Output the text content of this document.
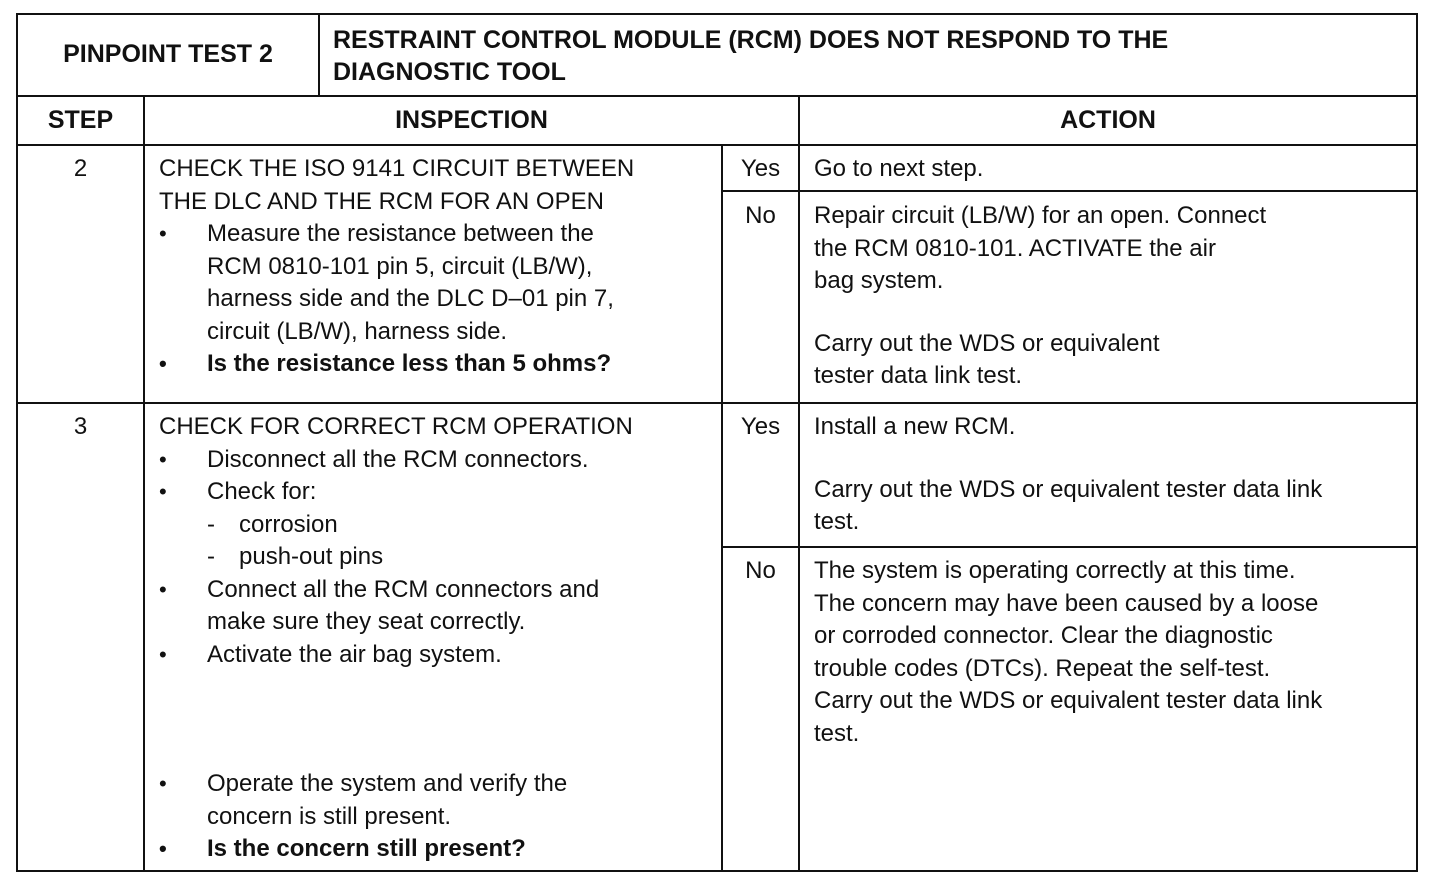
PINPOINT TEST 2	RESTRAINT CONTROL MODULE (RCM) DOES NOT RESPOND TO THE
DIAGNOSTIC TOOL
STEP	INSPECTION	ACTION
2	CHECK THE ISO 9141 CIRCUIT BETWEEN
THE DLC AND THE RCM FOR AN OPEN
• Measure the resistance between the
RCM 0810-101 pin 5, circuit (LB/W),
harness side and the DLC D–01 pin 7,
circuit (LB/W), harness side.
• Is the resistance less than 5 ohms?
Yes	Go to next step.
No	Repair circuit (LB/W) for an open. Connect
the RCM 0810-101. ACTIVATE the air
bag system.
Carry out the WDS or equivalent
tester data link test.
3	CHECK FOR CORRECT RCM OPERATION
• Disconnect all the RCM connectors.
• Check for:
- corrosion
- push-out pins
• Connect all the RCM connectors and
make sure they seat correctly.
• Activate the air bag system.
• Operate the system and verify the
concern is still present.
• Is the concern still present?
Yes	Install a new RCM.
Carry out the WDS or equivalent tester data link
test.
No	The system is operating correctly at this time.
The concern may have been caused by a loose
or corroded connector. Clear the diagnostic
trouble codes (DTCs). Repeat the self-test.
Carry out the WDS or equivalent tester data link
test.
